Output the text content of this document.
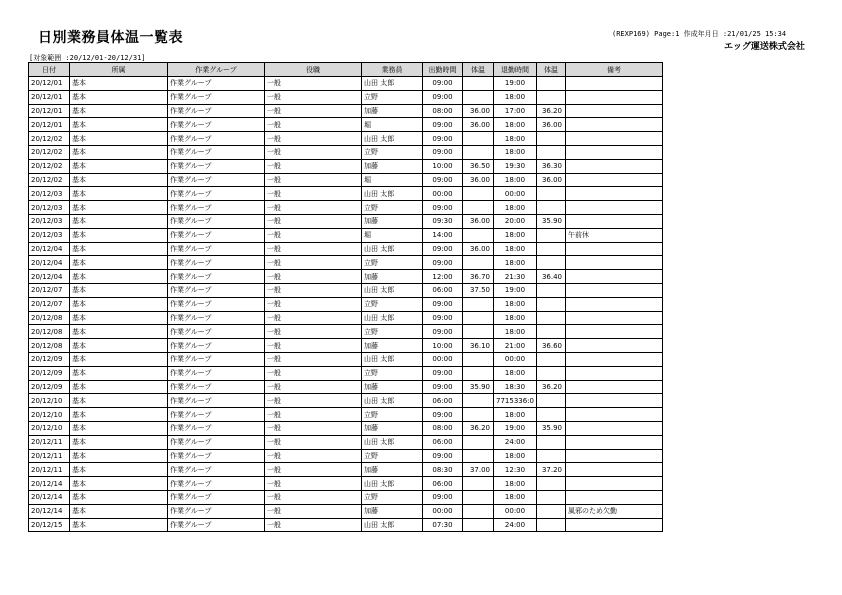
日別業務員体温一覧表	(REXP169) Page:1 作成年月日 :21/01/25 15:34
エッグ運送株式会社
[対象範囲 :20/12/01-20/12/31]
日付	所属	作業グループ	役職	業務員	出勤時間	体温	退勤時間	体温	備考
20/12/01	基本	作業グループ	一般	山田 太郎	09:00		19:00		
20/12/01	基本	作業グループ	一般	立野	09:00		18:00		
20/12/01	基本	作業グループ	一般	加藤	08:00	36.00	17:00	36.20	
20/12/01	基本	作業グループ	一般	堀	09:00	36.00	18:00	36.00	
20/12/02	基本	作業グループ	一般	山田 太郎	09:00		18:00		
20/12/02	基本	作業グループ	一般	立野	09:00		18:00		
20/12/02	基本	作業グループ	一般	加藤	10:00	36.50	19:30	36.30	
20/12/02	基本	作業グループ	一般	堀	09:00	36.00	18:00	36.00	
20/12/03	基本	作業グループ	一般	山田 太郎	00:00		00:00		
20/12/03	基本	作業グループ	一般	立野	09:00		18:00		
20/12/03	基本	作業グループ	一般	加藤	09:30	36.00	20:00	35.90	
20/12/03	基本	作業グループ	一般	堀	14:00		18:00		午前休
20/12/04	基本	作業グループ	一般	山田 太郎	09:00	36.00	18:00		
20/12/04	基本	作業グループ	一般	立野	09:00		18:00		
20/12/04	基本	作業グループ	一般	加藤	12:00	36.70	21:30	36.40	
20/12/07	基本	作業グループ	一般	山田 太郎	06:00	37.50	19:00		
20/12/07	基本	作業グループ	一般	立野	09:00		18:00		
20/12/08	基本	作業グループ	一般	山田 太郎	09:00		18:00		
20/12/08	基本	作業グループ	一般	立野	09:00		18:00		
20/12/08	基本	作業グループ	一般	加藤	10:00	36.10	21:00	36.60	
20/12/09	基本	作業グループ	一般	山田 太郎	00:00		00:00		
20/12/09	基本	作業グループ	一般	立野	09:00		18:00		
20/12/09	基本	作業グループ	一般	加藤	09:00	35.90	18:30	36.20	
20/12/10	基本	作業グループ	一般	山田 太郎	06:00		7715336:0		
20/12/10	基本	作業グループ	一般	立野	09:00		18:00		
20/12/10	基本	作業グループ	一般	加藤	08:00	36.20	19:00	35.90	
20/12/11	基本	作業グループ	一般	山田 太郎	06:00		24:00		
20/12/11	基本	作業グループ	一般	立野	09:00		18:00		
20/12/11	基本	作業グループ	一般	加藤	08:30	37.00	12:30	37.20	
20/12/14	基本	作業グループ	一般	山田 太郎	06:00		18:00		
20/12/14	基本	作業グループ	一般	立野	09:00		18:00		
20/12/14	基本	作業グループ	一般	加藤	00:00		00:00		風邪のため欠勤
20/12/15	基本	作業グループ	一般	山田 太郎	07:30		24:00		
